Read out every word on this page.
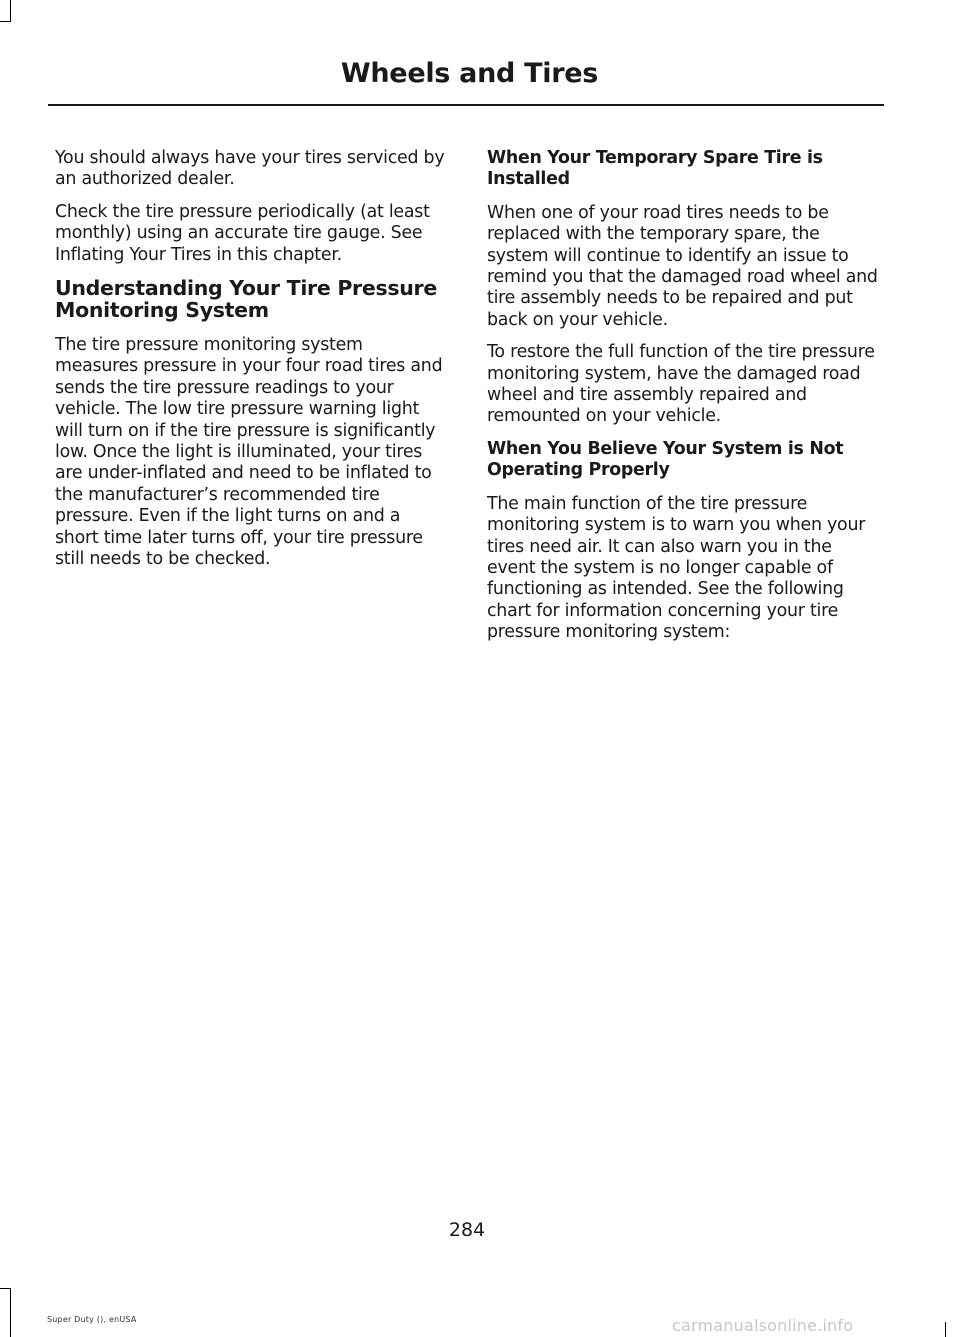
Wheels and Tires

You should always have your tires serviced by an authorized dealer.

Check the tire pressure periodically (at least monthly) using an accurate tire gauge. See Inflating Your Tires in this chapter.

Understanding Your Tire Pressure Monitoring System

The tire pressure monitoring system measures pressure in your four road tires and sends the tire pressure readings to your vehicle. The low tire pressure warning light will turn on if the tire pressure is significantly low. Once the light is illuminated, your tires are under-inflated and need to be inflated to the manufacturer’s recommended tire pressure. Even if the light turns on and a short time later turns off, your tire pressure still needs to be checked.

When Your Temporary Spare Tire is Installed

When one of your road tires needs to be replaced with the temporary spare, the system will continue to identify an issue to remind you that the damaged road wheel and tire assembly needs to be repaired and put back on your vehicle.

To restore the full function of the tire pressure monitoring system, have the damaged road wheel and tire assembly repaired and remounted on your vehicle.

When You Believe Your System is Not Operating Properly

The main function of the tire pressure monitoring system is to warn you when your tires need air. It can also warn you in the event the system is no longer capable of functioning as intended. See the following chart for information concerning your tire pressure monitoring system:

284
Super Duty (), enUSA	carmanualsonline.info
